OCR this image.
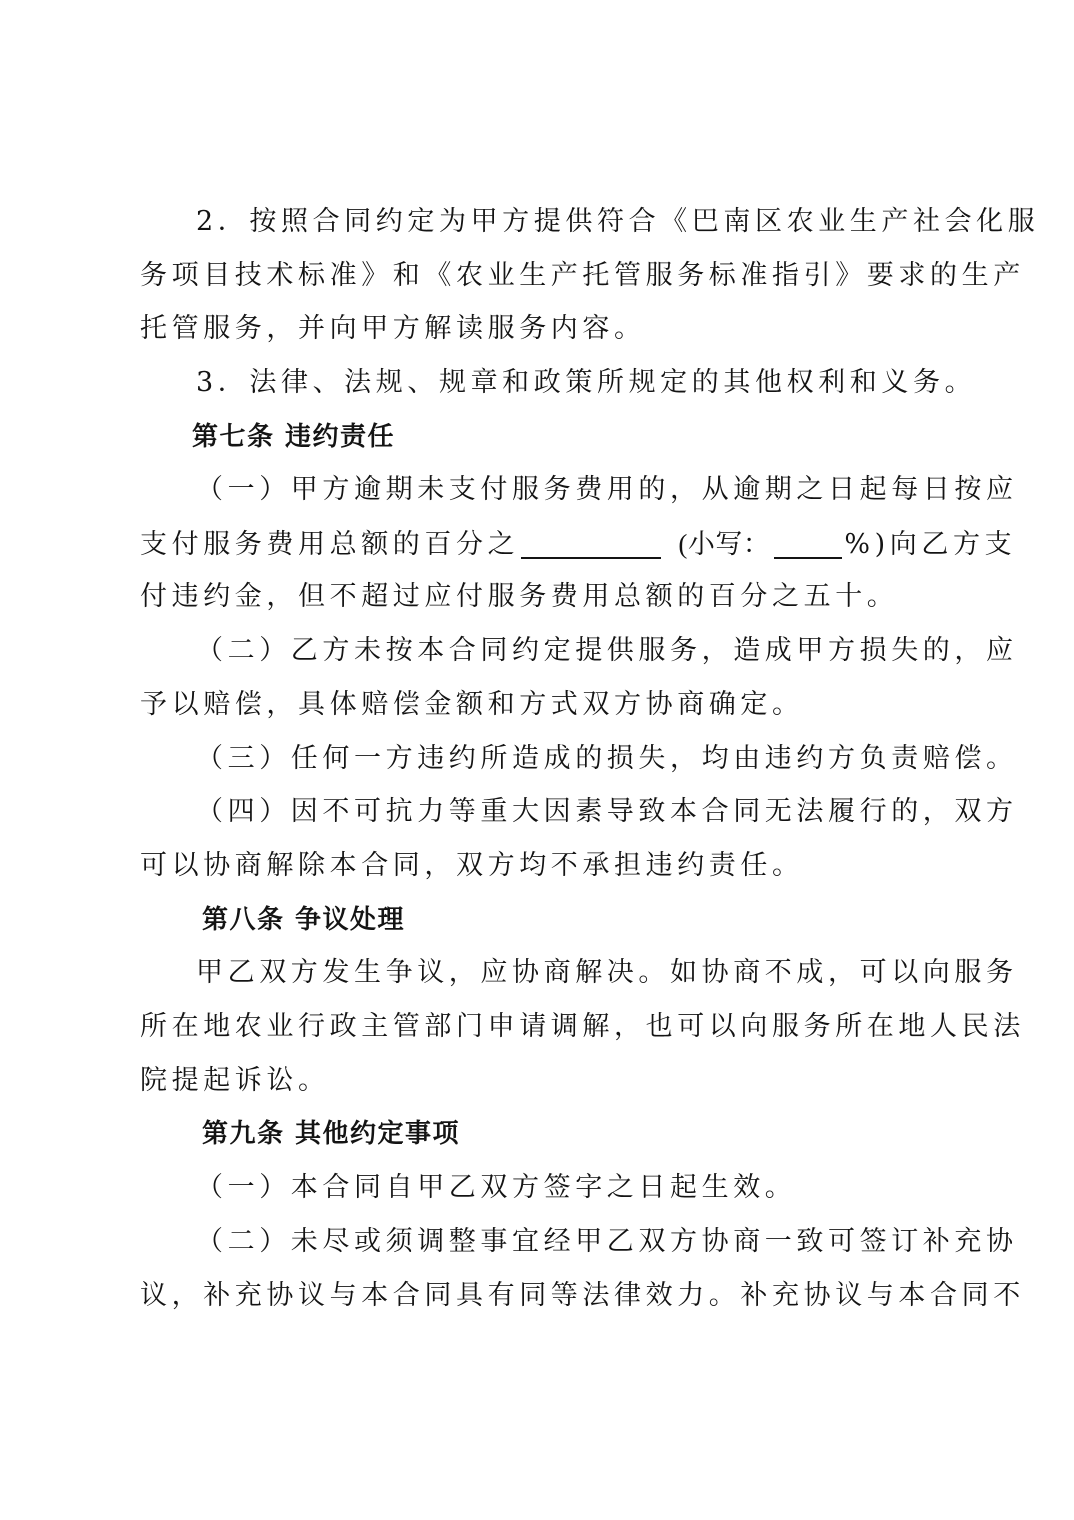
2．按照合同约定为甲方提供符合《巴南区农业生产社会化服
务项目技术标准》和《农业生产托管服务标准指引》要求的生产
托管服务，并向甲方解读服务内容。
3．法律、法规、规章和政策所规定的其他权利和义务。
第七条 违约责任
（一）甲方逾期未支付服务费用的，从逾期之日起每日按应
支付服务费用总额的百分之	(小写：	%)向乙方支
付违约金，但不超过应付服务费用总额的百分之五十。
（二）乙方未按本合同约定提供服务，造成甲方损失的，应
予以赔偿，具体赔偿金额和方式双方协商确定。
（三）任何一方违约所造成的损失，均由违约方负责赔偿。
（四）因不可抗力等重大因素导致本合同无法履行的，双方
可以协商解除本合同，双方均不承担违约责任。
第八条 争议处理
甲乙双方发生争议，应协商解决。如协商不成，可以向服务
所在地农业行政主管部门申请调解，也可以向服务所在地人民法
院提起诉讼。
第九条 其他约定事项
（一）本合同自甲乙双方签字之日起生效。
（二）未尽或须调整事宜经甲乙双方协商一致可签订补充协
议，补充协议与本合同具有同等法律效力。补充协议与本合同不
